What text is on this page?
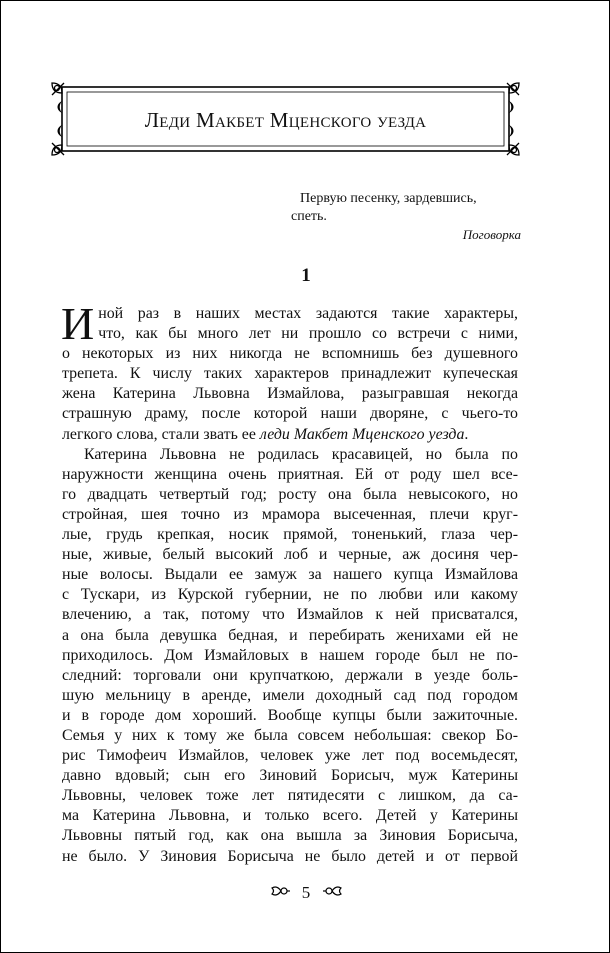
Леди Макбет Мценского уезда
Первую песенку, зардевшись,
спеть.
Поговорка
1
И ной раз в наших местах задаются такие характеры,
что, как бы много лет ни прошло со встречи с ними,
о некоторых из них никогда не вспомнишь без душевного
трепета. К числу таких характеров принадлежит купеческая
жена Катерина Львовна Измайлова, разыгравшая некогда
страшную драму, после которой наши дворяне, с чьего-то
легкого слова, стали звать ее леди Макбет Мценского уезда.
Катерина Львовна не родилась красавицей, но была по
наружности женщина очень приятная. Ей от роду шел все-
го двадцать четвертый год; росту она была невысокого, но
стройная, шея точно из мрамора высеченная, плечи круг-
лые, грудь крепкая, носик прямой, тоненький, глаза чер-
ные, живые, белый высокий лоб и черные, аж досиня чер-
ные волосы. Выдали ее замуж за нашего купца Измайлова
с Тускари, из Курской губернии, не по любви или какому
влечению, а так, потому что Измайлов к ней присватался,
а она была девушка бедная, и перебирать женихами ей не
приходилось. Дом Измайловых в нашем городе был не по-
следний: торговали они крупчаткою, держали в уезде боль-
шую мельницу в аренде, имели доходный сад под городом
и в городе дом хороший. Вообще купцы были зажиточные.
Семья у них к тому же была совсем небольшая: свекор Бо-
рис Тимофеич Измайлов, человек уже лет под восемьдесят,
давно вдовый; сын его Зиновий Борисыч, муж Катерины
Львовны, человек тоже лет пятидесяти с лишком, да са-
ма Катерина Львовна, и только всего. Детей у Катерины
Львовны пятый год, как она вышла за Зиновия Борисыча,
не было. У Зиновия Борисыча не было детей и от первой
5
